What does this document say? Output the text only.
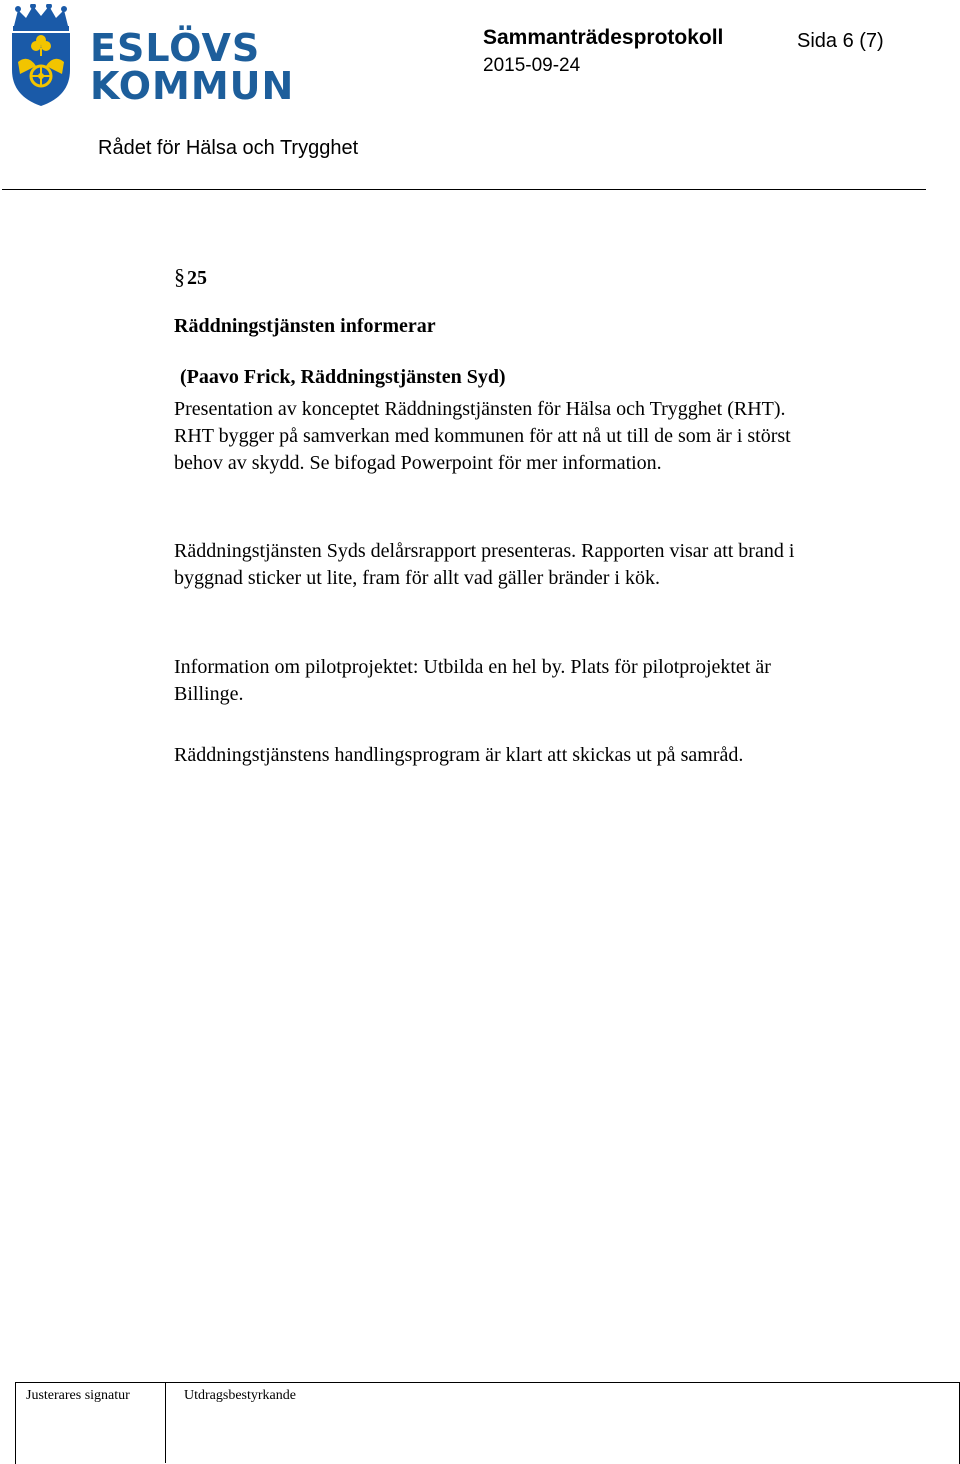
ESLÖVS
KOMMUN
Sammanträdesprotokoll	Sida 6 (7)
2015-09-24
Rådet för Hälsa och Trygghet
§ 25
Räddningstjänsten informerar
(Paavo Frick, Räddningstjänsten Syd)
Presentation av konceptet Räddningstjänsten för Hälsa och Trygghet (RHT). RHT bygger på samverkan med kommunen för att nå ut till de som är i störst behov av skydd. Se bifogad Powerpoint för mer information.
Räddningstjänsten Syds delårsrapport presenteras. Rapporten visar att brand i byggnad sticker ut lite, fram för allt vad gäller bränder i kök.
Information om pilotprojektet: Utbilda en hel by. Plats för pilotprojektet är Billinge.
Räddningstjänstens handlingsprogram är klart att skickas ut på samråd.
Justerares signatur	Utdragsbestyrkande
